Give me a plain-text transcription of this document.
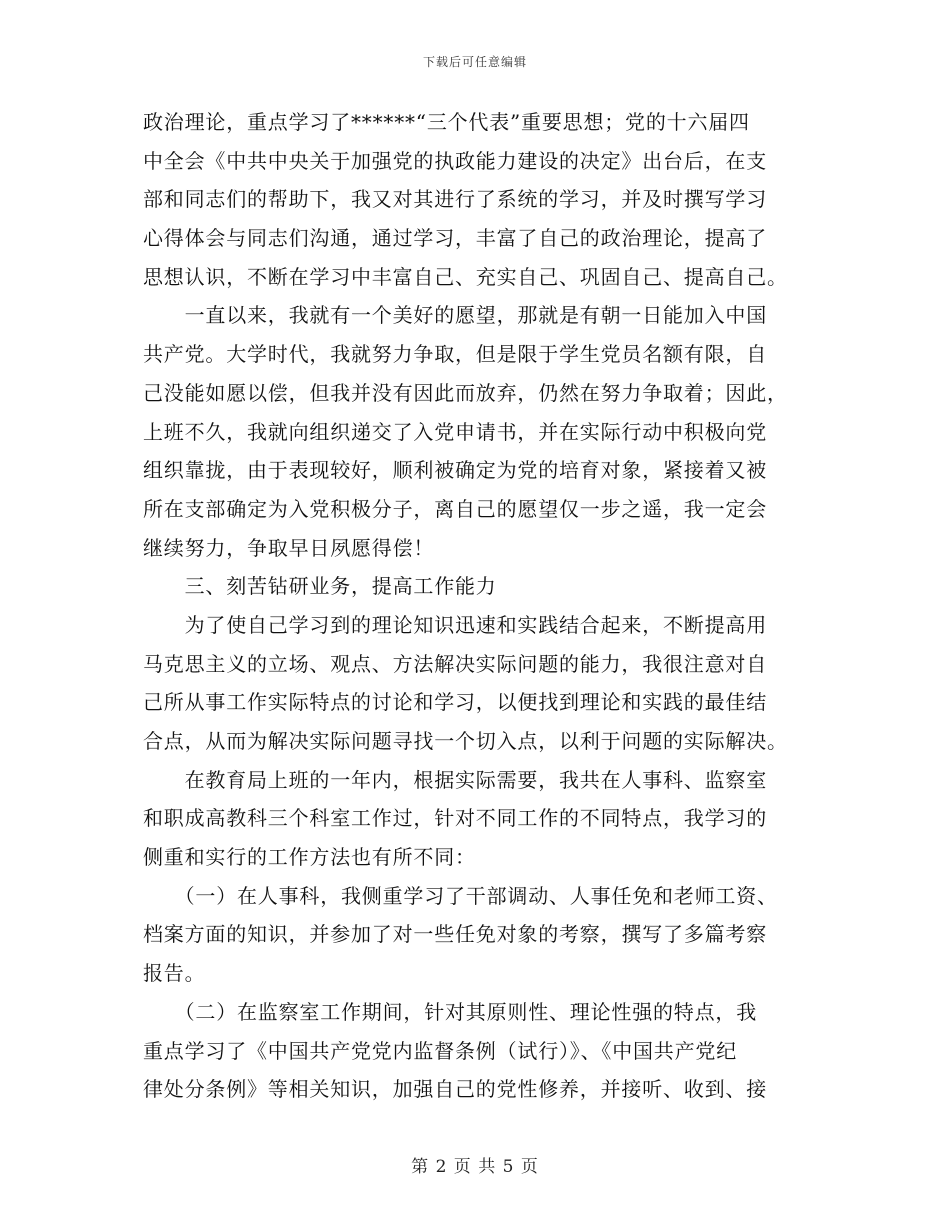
下载后可任意编辑
政治理论，重点学习了******“三个代表”重要思想；党的十六届四
中全会《中共中央关于加强党的执政能力建设的决定》出台后，在支
部和同志们的帮助下，我又对其进行了系统的学习，并及时撰写学习
心得体会与同志们沟通，通过学习，丰富了自己的政治理论，提高了
思想认识，不断在学习中丰富自己、充实自己、巩固自己、提高自己。
　　一直以来，我就有一个美好的愿望，那就是有朝一日能加入中国
共产党。大学时代，我就努力争取，但是限于学生党员名额有限，自
己没能如愿以偿，但我并没有因此而放弃，仍然在努力争取着；因此，
上班不久，我就向组织递交了入党申请书，并在实际行动中积极向党
组织靠拢，由于表现较好，顺利被确定为党的培育对象，紧接着又被
所在支部确定为入党积极分子，离自己的愿望仅一步之遥，我一定会
继续努力，争取早日夙愿得偿！
　　三、刻苦钻研业务，提高工作能力
　　为了使自己学习到的理论知识迅速和实践结合起来，不断提高用
马克思主义的立场、观点、方法解决实际问题的能力，我很注意对自
己所从事工作实际特点的讨论和学习，以便找到理论和实践的最佳结
合点，从而为解决实际问题寻找一个切入点，以利于问题的实际解决。
　　在教育局上班的一年内，根据实际需要，我共在人事科、监察室
和职成高教科三个科室工作过，针对不同工作的不同特点，我学习的
侧重和实行的工作方法也有所不同：
　　（一）在人事科，我侧重学习了干部调动、人事任免和老师工资、
档案方面的知识，并参加了对一些任免对象的考察，撰写了多篇考察
报告。
　　（二）在监察室工作期间，针对其原则性、理论性强的特点，我
重点学习了《中国共产党党内监督条例（试行）》、《中国共产党纪
律处分条例》等相关知识，加强自己的党性修养，并接听、收到、接
第 2 页 共 5 页
